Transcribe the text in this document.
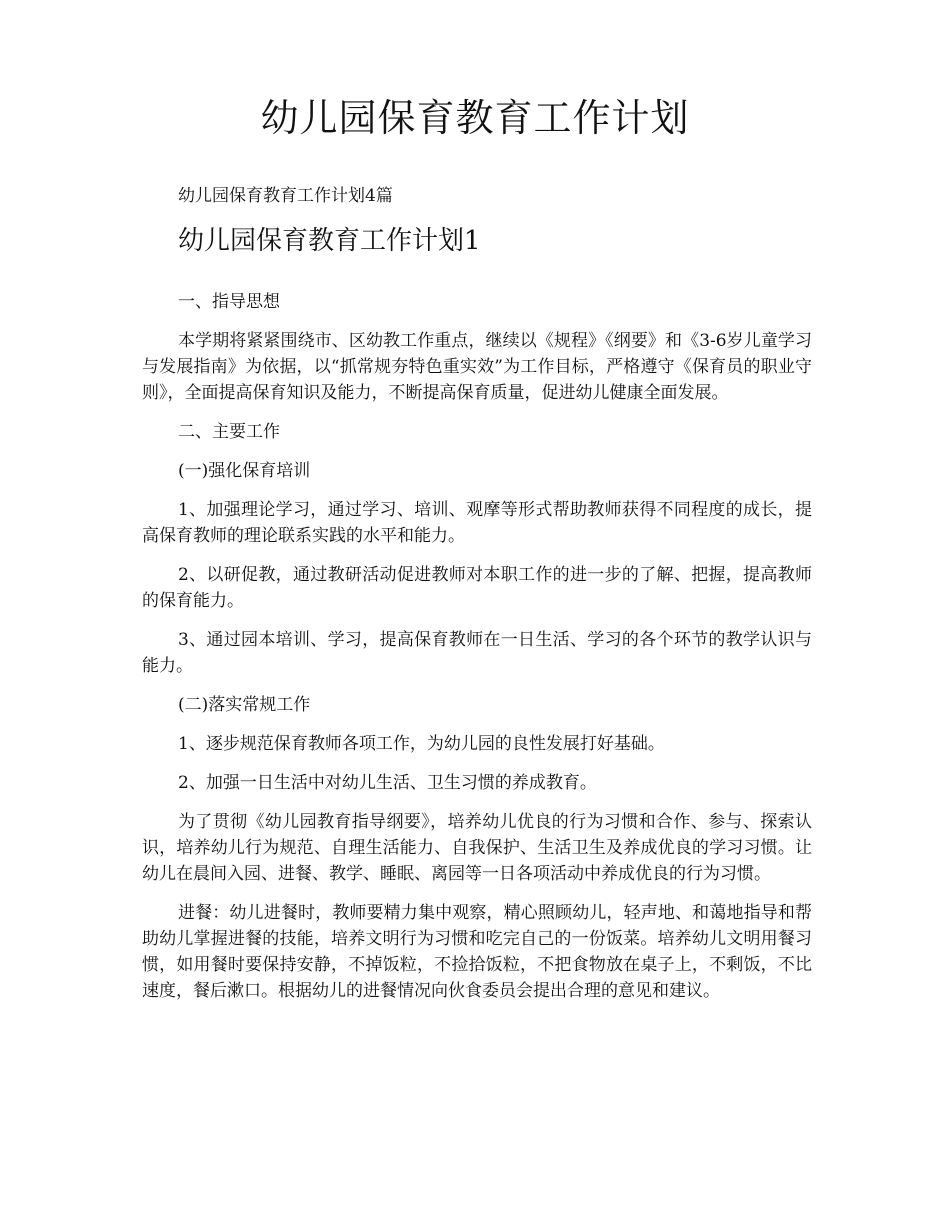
幼儿园保育教育工作计划

幼儿园保育教育工作计划4篇

幼儿园保育教育工作计划1

一、指导思想

本学期将紧紧围绕市、区幼教工作重点，继续以《规程》《纲要》和《3-6岁儿童学习与发展指南》为依据，以“抓常规夯特色重实效”为工作目标，严格遵守《保育员的职业守则》，全面提高保育知识及能力，不断提高保育质量，促进幼儿健康全面发展。

二、主要工作

(一)强化保育培训

1、加强理论学习，通过学习、培训、观摩等形式帮助教师获得不同程度的成长，提高保育教师的理论联系实践的水平和能力。

2、以研促教，通过教研活动促进教师对本职工作的进一步的了解、把握，提高教师的保育能力。

3、通过园本培训、学习，提高保育教师在一日生活、学习的各个环节的教学认识与能力。

(二)落实常规工作

1、逐步规范保育教师各项工作，为幼儿园的良性发展打好基础。

2、加强一日生活中对幼儿生活、卫生习惯的养成教育。

为了贯彻《幼儿园教育指导纲要》，培养幼儿优良的行为习惯和合作、参与、探索认识，培养幼儿行为规范、自理生活能力、自我保护、生活卫生及养成优良的学习习惯。让幼儿在晨间入园、进餐、教学、睡眠、离园等一日各项活动中养成优良的行为习惯。

进餐：幼儿进餐时，教师要精力集中观察，精心照顾幼儿，轻声地、和蔼地指导和帮助幼儿掌握进餐的技能，培养文明行为习惯和吃完自己的一份饭菜。培养幼儿文明用餐习惯，如用餐时要保持安静，不掉饭粒，不捡拾饭粒，不把食物放在桌子上，不剩饭，不比速度，餐后漱口。根据幼儿的进餐情况向伙食委员会提出合理的意见和建议。
